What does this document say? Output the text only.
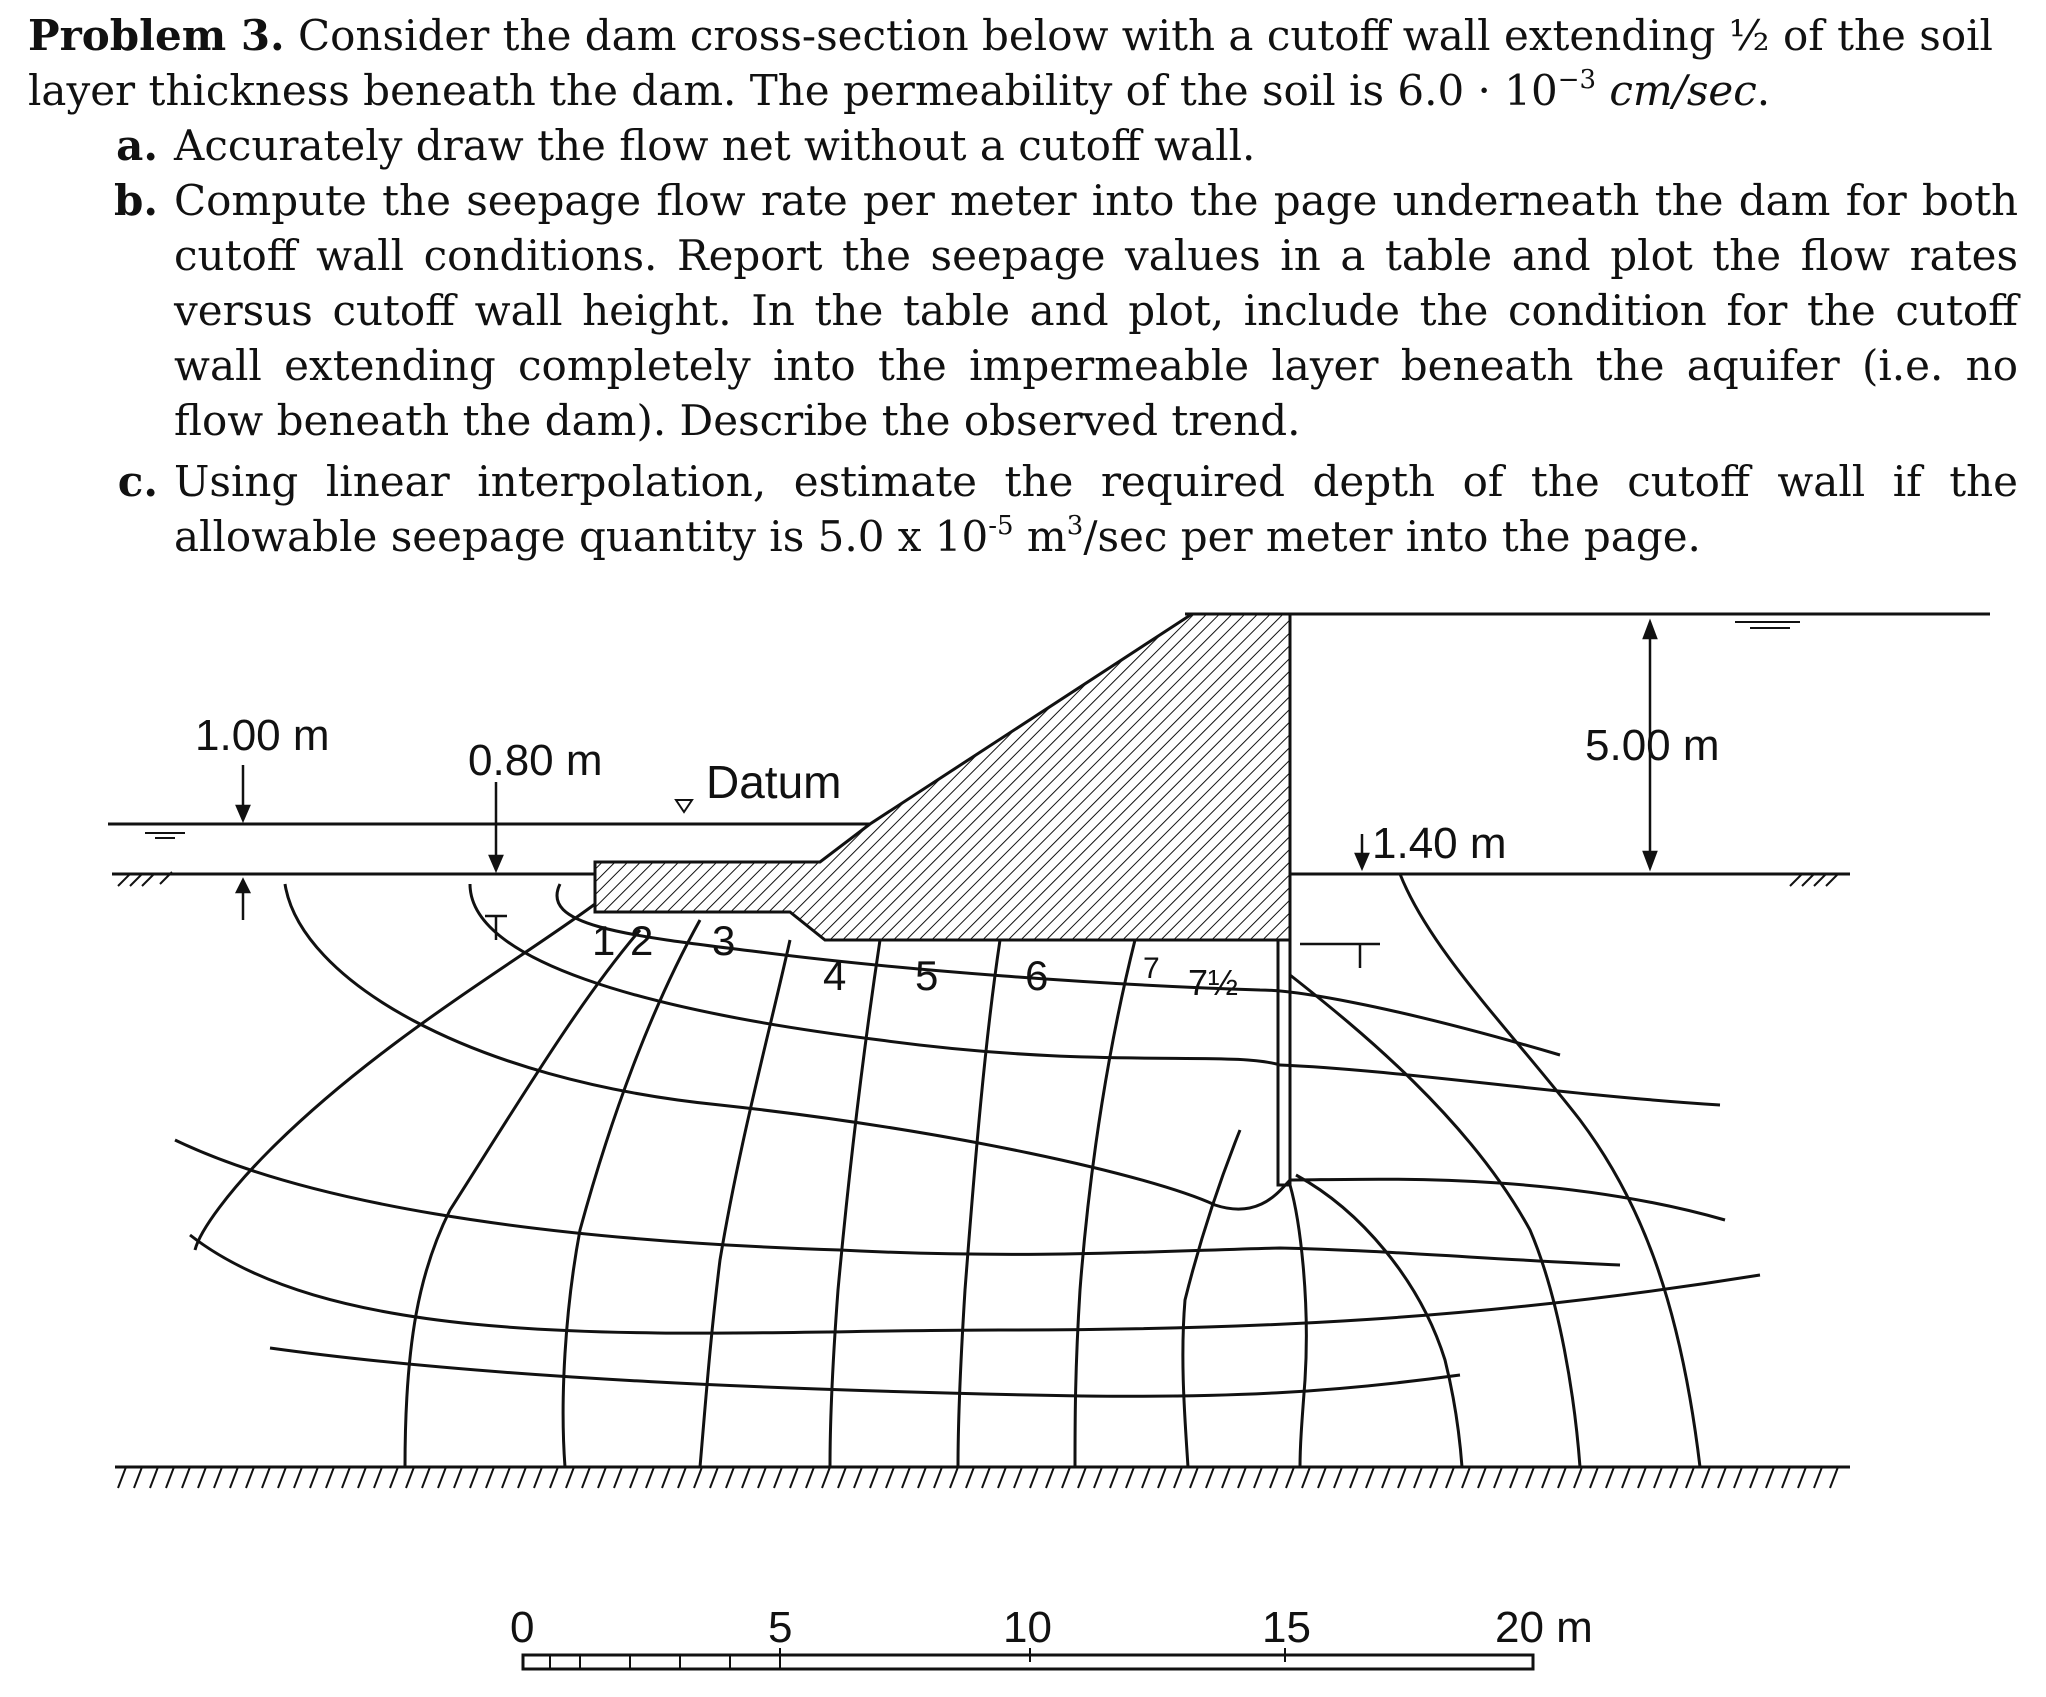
Problem 3. Consider the dam cross-section below with a cutoff wall extending ½ of the soil layer thickness beneath the dam. The permeability of the soil is $6.0 \cdot 10^{-3}$ cm/sec.

a. Accurately draw the flow net without a cutoff wall.
b. Compute the seepage flow rate per meter into the page underneath the dam for both cutoff wall conditions. Report the seepage values in a table and plot the flow rates versus cutoff wall height. In the table and plot, include the condition for the cutoff wall extending completely into the impermeable layer beneath the aquifer (i.e. no flow beneath the dam). Describe the observed trend.
c. Using linear interpolation, estimate the required depth of the cutoff wall if the allowable seepage quantity is 5.0 x $10^{-5}$ $m^3/\sec$ per meter into the page.
1.00 m
0.80 m Datum
1.40 m
5.00 m
1 2 3
4 5 6	7 7½
0	5	10	15	20 m
